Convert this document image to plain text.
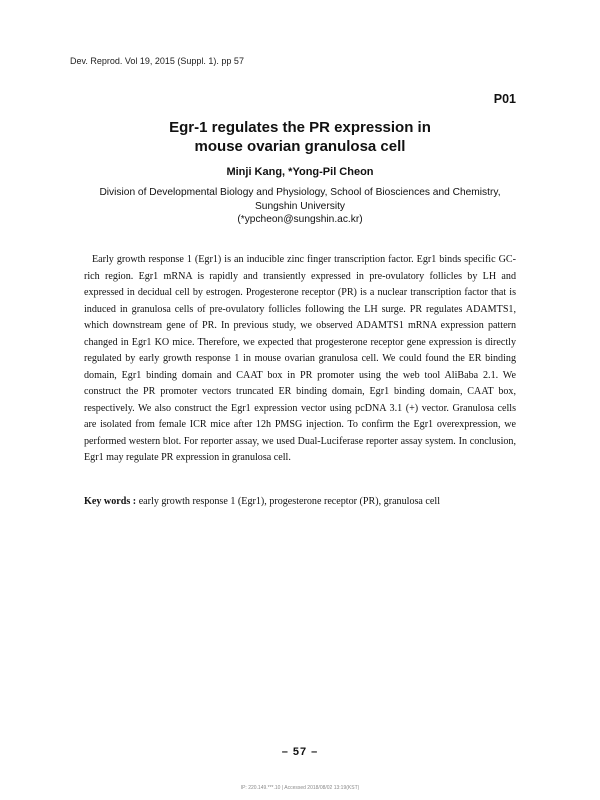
Dev. Reprod. Vol 19, 2015 (Suppl. 1). pp 57
P01
Egr-1 regulates the PR expression in
mouse ovarian granulosa cell
Minji Kang, *Yong-Pil Cheon
Division of Developmental Biology and Physiology, School of Biosciences and Chemistry,
Sungshin University
(*ypcheon@sungshin.ac.kr)

Early growth response 1 (Egr1) is an inducible zinc finger transcription factor. Egr1 binds specific GC-rich region. Egr1 mRNA is rapidly and transiently expressed in pre-ovulatory follicles by LH and expressed in decidual cell by estrogen. Progesterone receptor (PR) is a nuclear transcription factor that is induced in granulosa cells of pre-ovulatory follicles following the LH surge. PR regulates ADAMTS1, which downstream gene of PR. In previous study, we observed ADAMTS1 mRNA expression pattern changed in Egr1 KO mice. Therefore, we expected that progesterone receptor gene expression is directly regulated by early growth response 1 in mouse ovarian granulosa cell. We could found the ER binding domain, Egr1 binding domain and CAAT box in PR promoter using the web tool AliBaba 2.1. We construct the PR promoter vectors truncated ER binding domain, Egr1 binding domain, CAAT box, respectively. We also construct the Egr1 expression vector using pcDNA 3.1 (+) vector. Granulosa cells are isolated from female ICR mice after 12h PMSG injection. To confirm the Egr1 overexpression, we performed western blot. For reporter assay, we used Dual-Luciferase reporter assay system. In conclusion, Egr1 may regulate PR expression in granulosa cell.

Key words : early growth response 1 (Egr1), progesterone receptor (PR), granulosa cell

– 57 –
IP: 220.149.***.10 | Accessed 2018/08/02 13:19(KST)
